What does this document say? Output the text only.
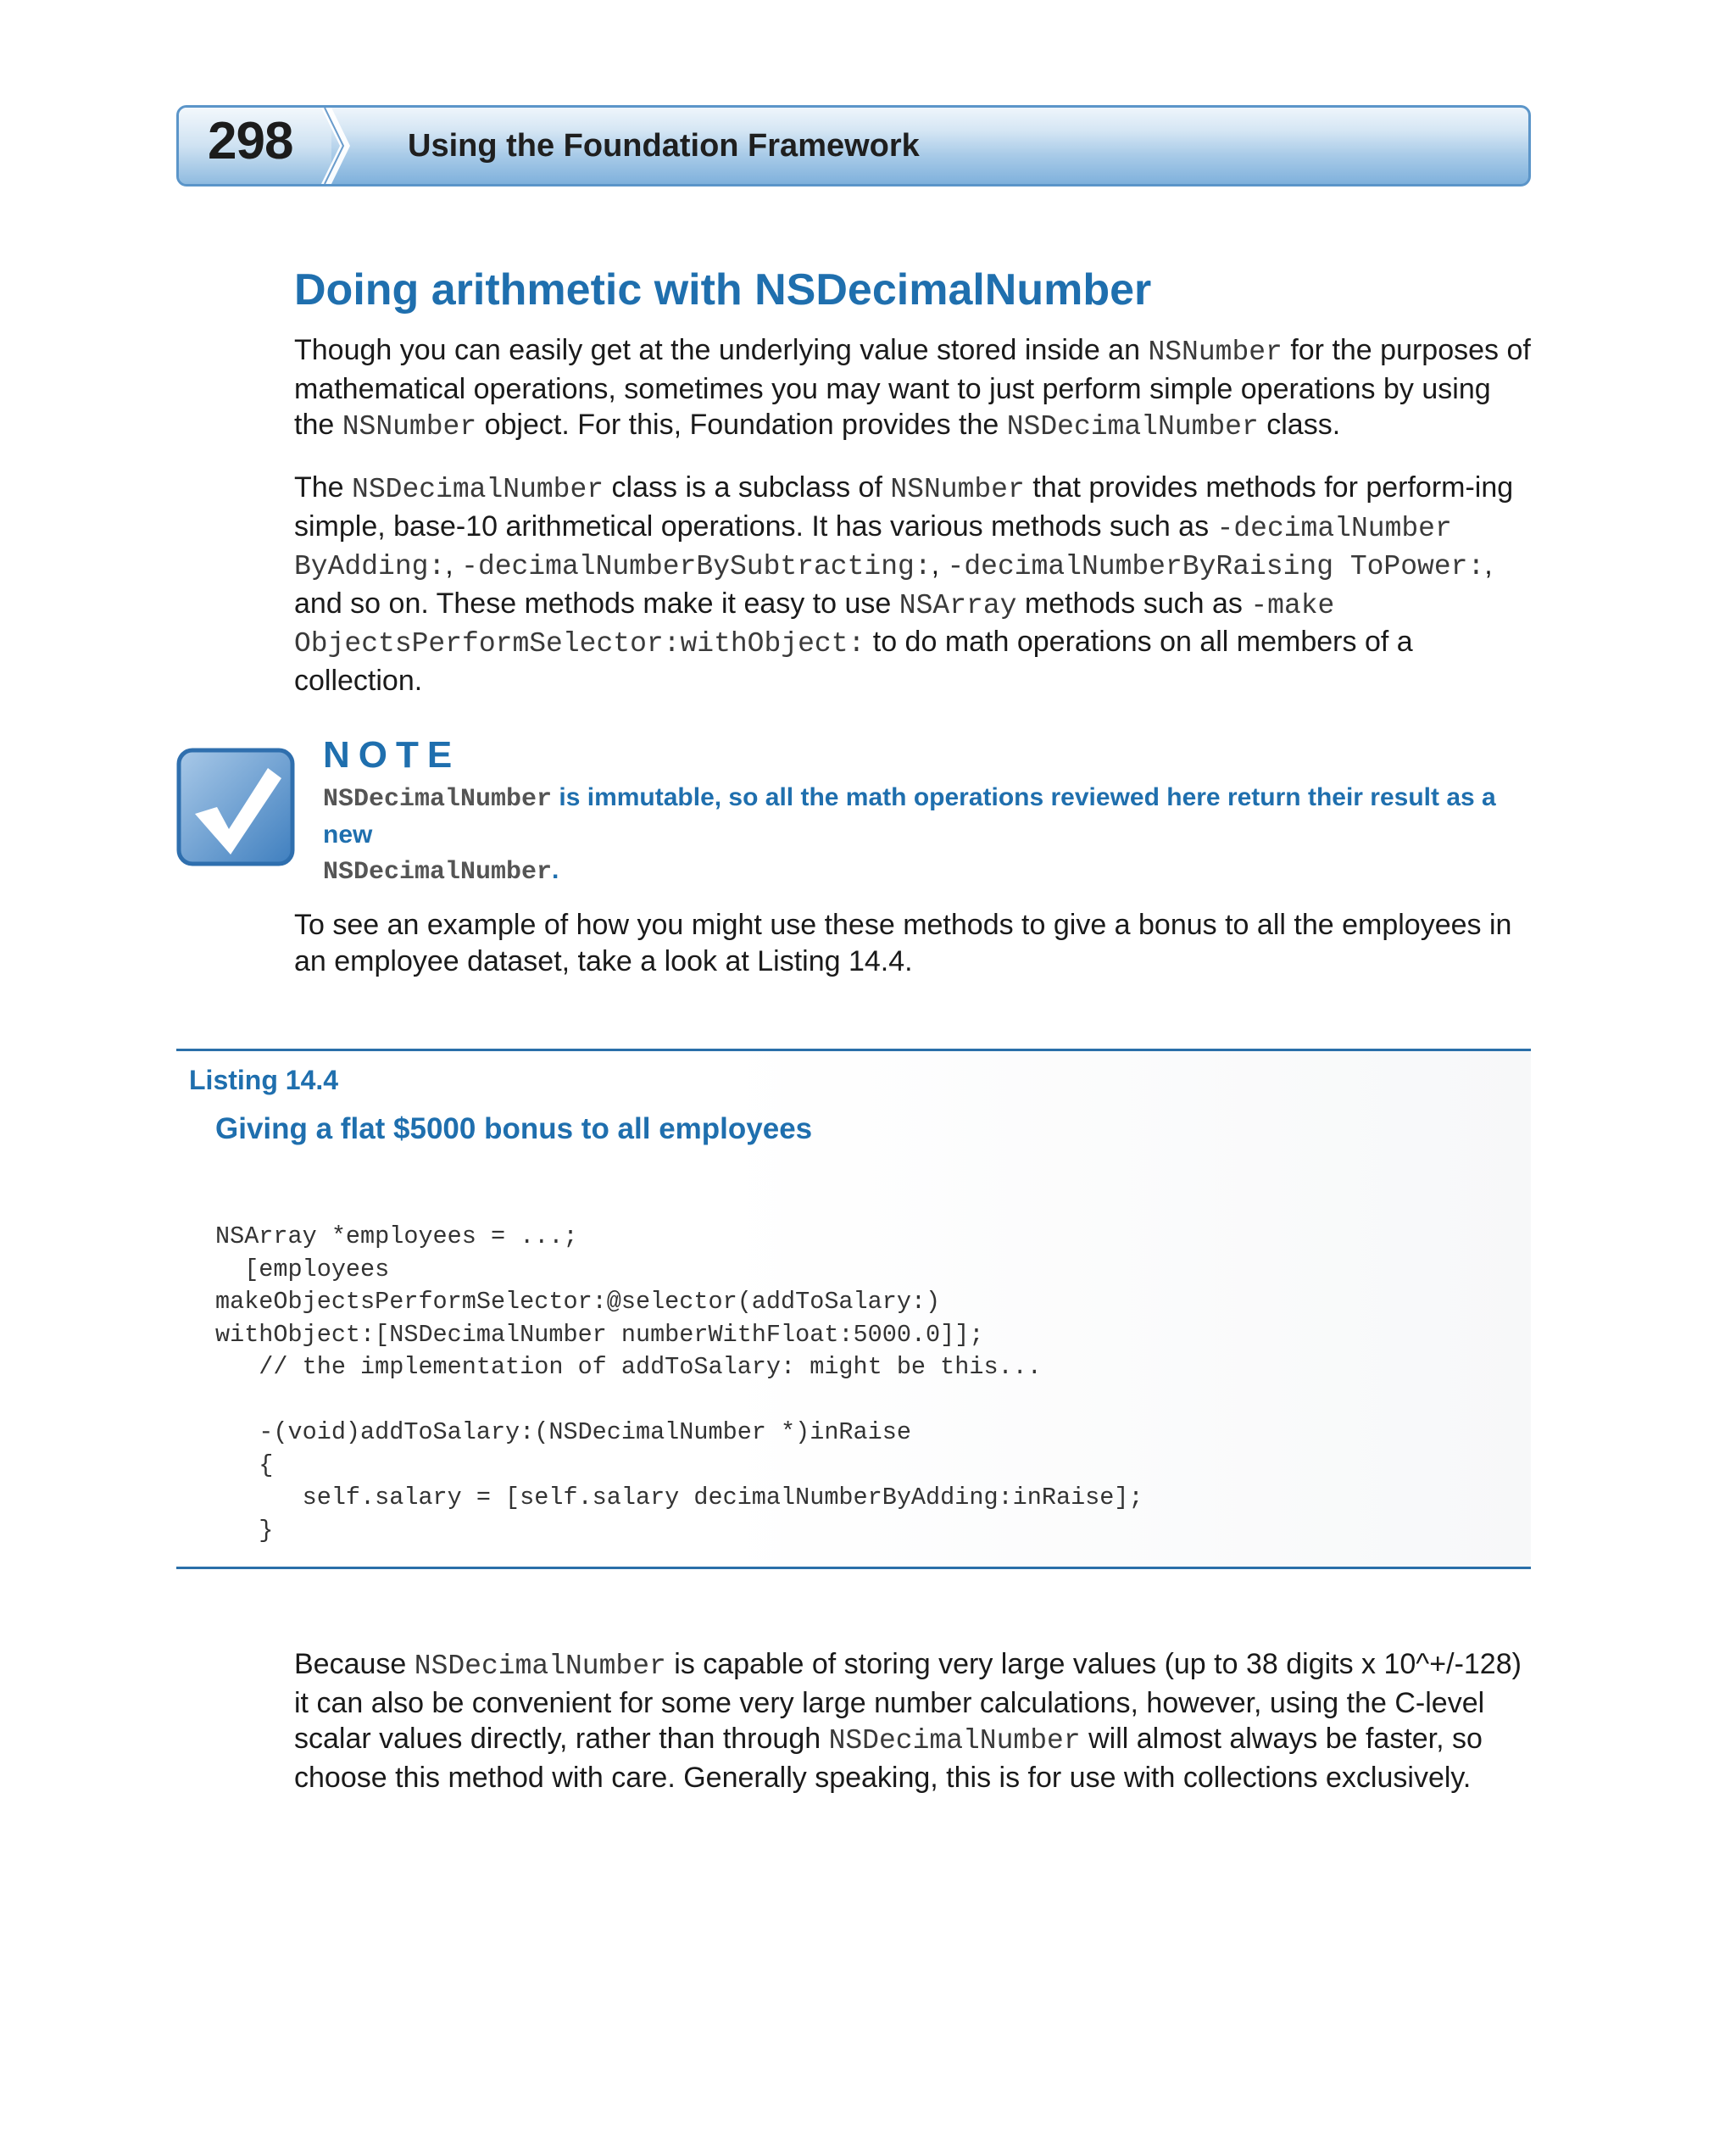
298	Using the Foundation Framework
Doing arithmetic with NSDecimalNumber

Though you can easily get at the underlying value stored inside an NSNumber for the purposes of mathematical operations, sometimes you may want to just perform simple operations by using the NSNumber object. For this, Foundation provides the NSDecimalNumber class.

The NSDecimalNumber class is a subclass of NSNumber that provides methods for perform-ing simple, base-10 arithmetical operations. It has various methods such as -decimalNumber ByAdding:, -decimalNumberBySubtracting:, -decimalNumberByRaising ToPower:, and so on. These methods make it easy to use NSArray methods such as -make ObjectsPerformSelector:withObject: to do math operations on all members of a collection.

NOTE
NSDecimalNumber is immutable, so all the math operations reviewed here return their result as a new
NSDecimalNumber.

To see an example of how you might use these methods to give a bonus to all the employees in an employee dataset, take a look at Listing 14.4.

Listing 14.4
Giving a flat $5000 bonus to all employees
NSArray *employees = ...;
[employees
makeObjectsPerformSelector:@selector(addToSalary:)
withObject:[NSDecimalNumber numberWithFloat:5000.0]];
// the implementation of addToSalary: might be this...
-(void)addToSalary:(NSDecimalNumber *)inRaise
{
self.salary = [self.salary decimalNumberByAdding:inRaise];
}

Because NSDecimalNumber is capable of storing very large values (up to 38 digits x 10^+/-128) it can also be convenient for some very large number calculations, however, using the C-level scalar values directly, rather than through NSDecimalNumber will almost always be faster, so choose this method with care. Generally speaking, this is for use with collections exclusively.
